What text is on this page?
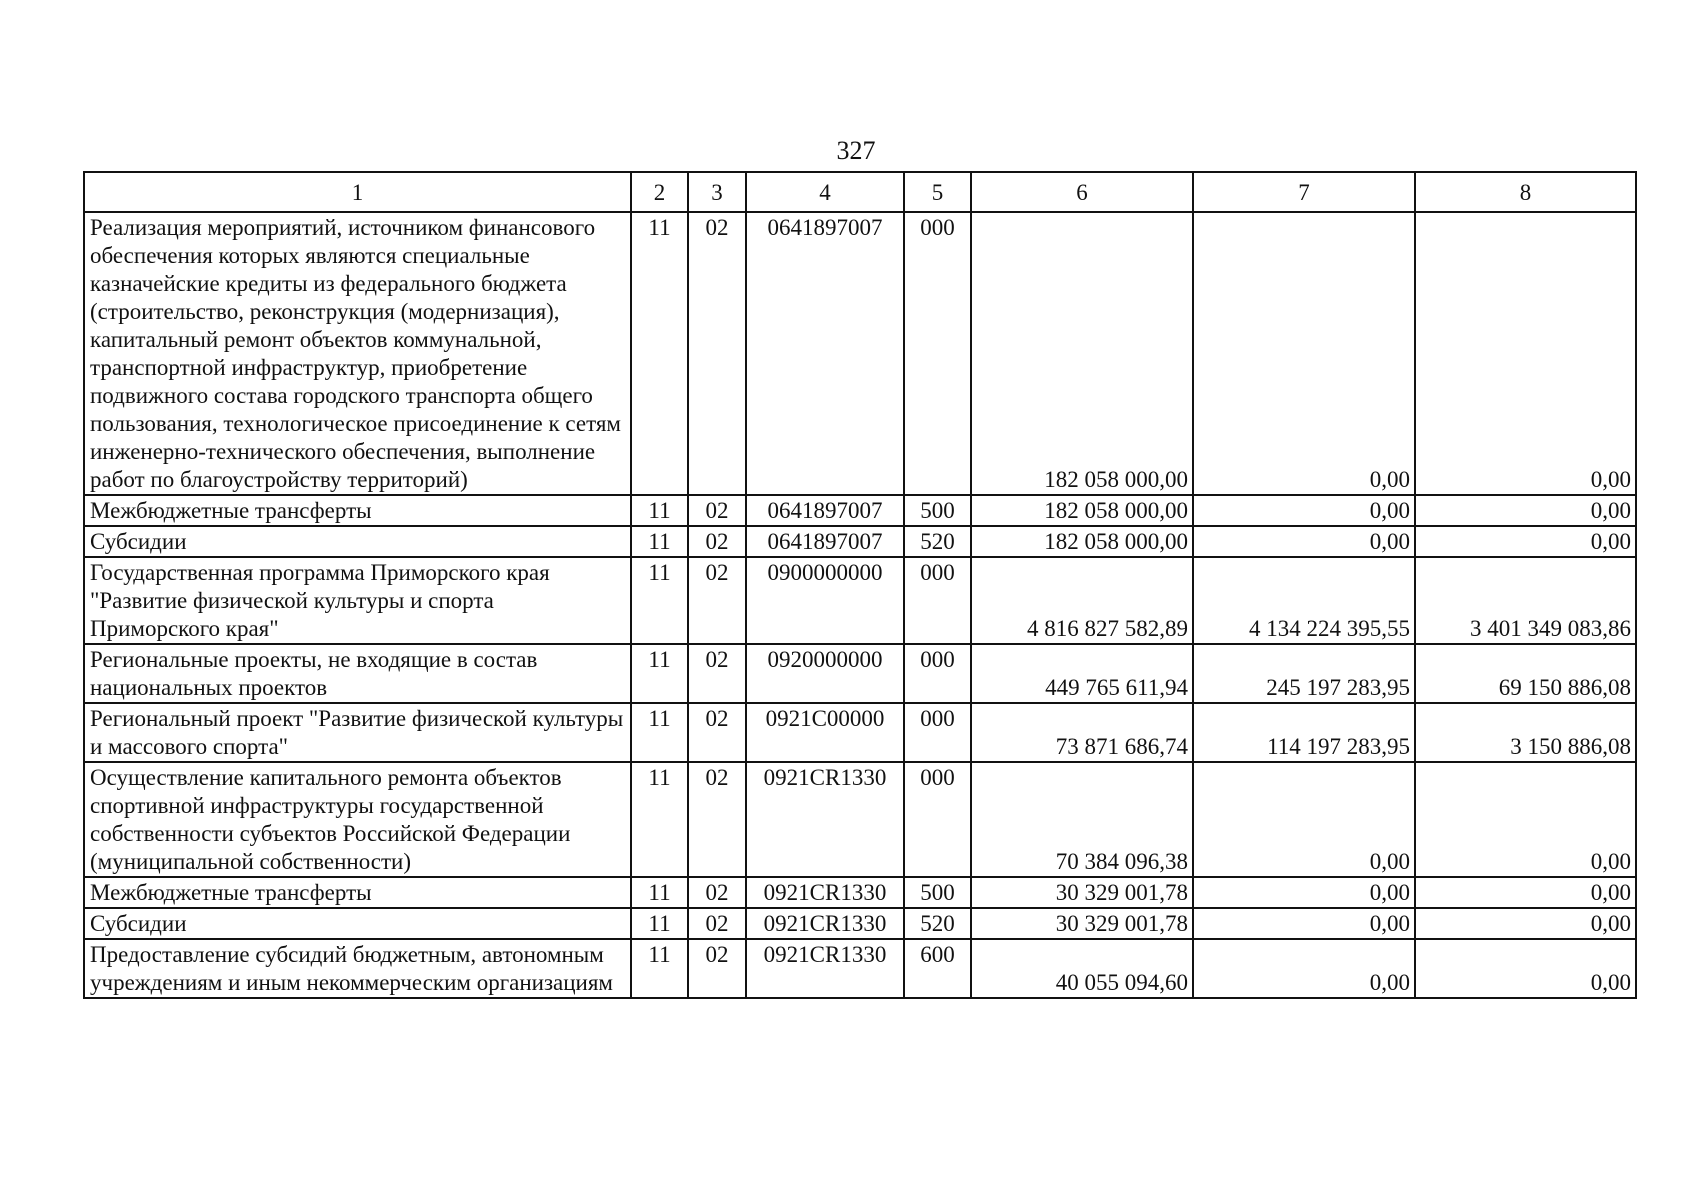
327
1	2	3	4	5	6	7	8
Реализация мероприятий, источником финансового обеспечения которых являются специальные казначейские кредиты из федерального бюджета (строительство, реконструкция (модернизация), капитальный ремонт объектов коммунальной, транспортной инфраструктур, приобретение подвижного состава городского транспорта общего пользования, технологическое присоединение к сетям инженерно-технического обеспечения, выполнение работ по благоустройству территорий)	11	02	0641897007	000	182 058 000,00	0,00	0,00
Межбюджетные трансферты	11	02	0641897007	500	182 058 000,00	0,00	0,00
Субсидии	11	02	0641897007	520	182 058 000,00	0,00	0,00
Государственная программа Приморского края "Развитие физической культуры и спорта Приморского края"	11	02	0900000000	000	4 816 827 582,89	4 134 224 395,55	3 401 349 083,86
Региональные проекты, не входящие в состав национальных проектов	11	02	0920000000	000	449 765 611,94	245 197 283,95	69 150 886,08
Региональный проект "Развитие физической культуры и массового спорта"	11	02	0921С00000	000	73 871 686,74	114 197 283,95	3 150 886,08
Осуществление капитального ремонта объектов спортивной инфраструктуры государственной собственности субъектов Российской Федерации (муниципальной собственности)	11	02	0921CR1330	000	70 384 096,38	0,00	0,00
Межбюджетные трансферты	11	02	0921CR1330	500	30 329 001,78	0,00	0,00
Субсидии	11	02	0921CR1330	520	30 329 001,78	0,00	0,00
Предоставление субсидий бюджетным, автономным учреждениям и иным некоммерческим организациям	11	02	0921CR1330	600	40 055 094,60	0,00	0,00
